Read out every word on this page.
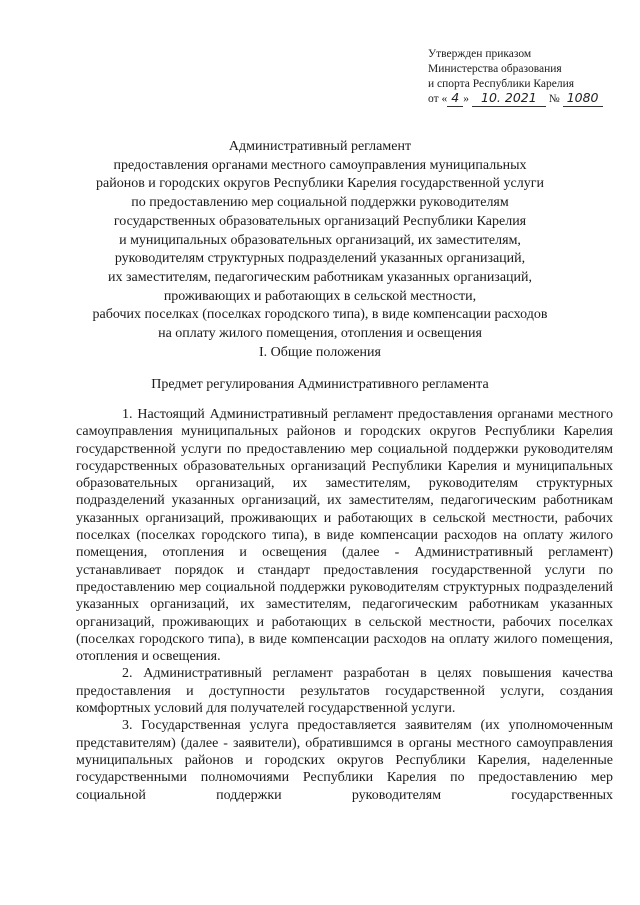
Утвержден приказом
Министерства образования
и спорта Республики Карелия
от « 4 » 10. 2021 № 1080
Административный регламент
предоставления органами местного самоуправления муниципальных
районов и городских округов Республики Карелия государственной услуги
по предоставлению мер социальной поддержки руководителям
государственных образовательных организаций Республики Карелия
и муниципальных образовательных организаций, их заместителям,
руководителям структурных подразделений указанных организаций,
их заместителям, педагогическим работникам указанных организаций,
проживающих и работающих в сельской местности,
рабочих поселках (поселках городского типа), в виде компенсации расходов
на оплату жилого помещения, отопления и освещения
I. Общие положения
Предмет регулирования Административного регламента

1. Настоящий Административный регламент предоставления органами местного самоуправления муниципальных районов и городских округов Республики Карелия государственной услуги по предоставлению мер социальной поддержки руководителям государственных образовательных организаций Республики Карелия и муниципальных образовательных организаций, их заместителям, руководителям структурных подразделений указанных организаций, их заместителям, педагогическим работникам указанных организаций, проживающих и работающих в сельской местности, рабочих поселках (поселках городского типа), в виде компенсации расходов на оплату жилого помещения, отопления и освещения (далее - Административный регламент) устанавливает порядок и стандарт предоставления государственной услуги по предоставлению мер социальной поддержки руководителям структурных подразделений указанных организаций, их заместителям, педагогическим работникам указанных организаций, проживающих и работающих в сельской местности, рабочих поселках (поселках городского типа), в виде компенсации расходов на оплату жилого помещения, отопления и освещения.

2. Административный регламент разработан в целях повышения качества предоставления и доступности результатов государственной услуги, создания комфортных условий для получателей государственной услуги.

3. Государственная услуга предоставляется заявителям (их уполномоченным представителям) (далее - заявители), обратившимся в органы местного самоуправления муниципальных районов и городских округов Республики Карелия, наделенные государственными полномочиями Республики Карелия по предоставлению мер социальной поддержки руководителям государственных
